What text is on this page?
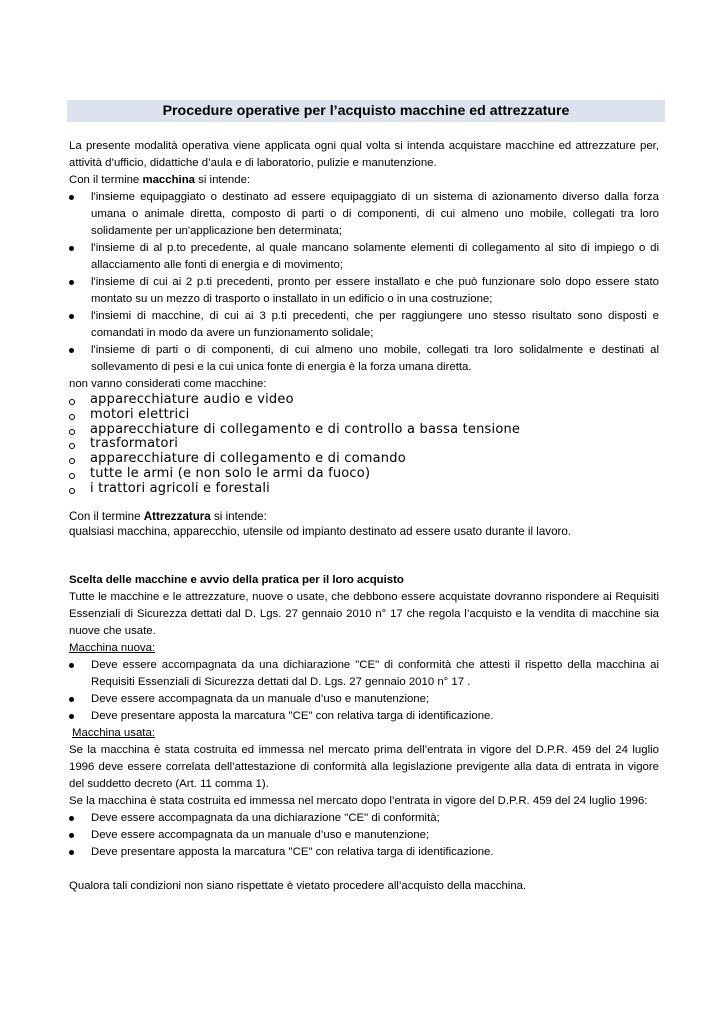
Procedure operative per l’acquisto macchine ed attrezzature

La presente modalità operativa viene applicata ogni qual volta si intenda acquistare macchine ed attrezzature per, attività d’ufficio, didattiche d’aula e di laboratorio, pulizie e manutenzione.

Con il termine macchina si intende:

l'insieme equipaggiato o destinato ad essere equipaggiato di un sistema di azionamento diverso dalla forza umana o animale diretta, composto di parti o di componenti, di cui almeno uno mobile, collegati tra loro solidamente per un'applicazione ben determinata;
l'insieme di al p.to precedente, al quale mancano solamente elementi di collegamento al sito di impiego o di allacciamento alle fonti di energia e di movimento;
l'insieme di cui ai 2 p.ti precedenti, pronto per essere installato e che può funzionare solo dopo essere stato montato su un mezzo di trasporto o installato in un edificio o in una costruzione;
l'insiemi di macchine, di cui ai 3 p.ti precedenti, che per raggiungere uno stesso risultato sono disposti e comandati in modo da avere un funzionamento solidale;
l'insieme di parti o di componenti, di cui almeno uno mobile, collegati tra loro solidalmente e destinati al sollevamento di pesi e la cui unica fonte di energia è la forza umana diretta.

non vanno considerati come macchine:

apparecchiature audio e video
motori elettrici
apparecchiature di collegamento e di controllo a bassa tensione
trasformatori
apparecchiature di collegamento e di comando
tutte le armi (e non solo le armi da fuoco)
i trattori agricoli e forestali

Con il termine Attrezzatura si intende:

qualsiasi macchina, apparecchio, utensile od impianto destinato ad essere usato durante il lavoro.

Scelta delle macchine e avvio della pratica per il loro acquisto

Tutte le macchine e le attrezzature, nuove o usate, che debbono essere acquistate dovranno rispondere ai Requisiti Essenziali di Sicurezza dettati dal D. Lgs. 27 gennaio 2010 n° 17 che regola l’acquisto e la vendita di macchine sia nuove che usate.

Macchina nuova:

Deve essere accompagnata da una dichiarazione "CE" di conformità che attesti il rispetto della macchina ai Requisiti Essenziali di Sicurezza dettati dal D. Lgs. 27 gennaio 2010 n° 17 .
Deve essere accompagnata da un manuale d’uso e manutenzione;
Deve presentare apposta la marcatura "CE" con relativa targa di identificazione.

Macchina usata:

Se la macchina è stata costruita ed immessa nel mercato prima dell’entrata in vigore del D.P.R. 459 del 24 luglio 1996 deve essere correlata dell’attestazione di conformità alla legislazione previgente alla data di entrata in vigore del suddetto decreto (Art. 11 comma 1).

Se la macchina è stata costruita ed immessa nel mercato dopo l’entrata in vigore del D.P.R. 459 del 24 luglio 1996:

Deve essere accompagnata da una dichiarazione "CE" di conformità;
Deve essere accompagnata da un manuale d’uso e manutenzione;
Deve presentare apposta la marcatura "CE" con relativa targa di identificazione.

Qualora tali condizioni non siano rispettate è vietato procedere all’acquisto della macchina.
